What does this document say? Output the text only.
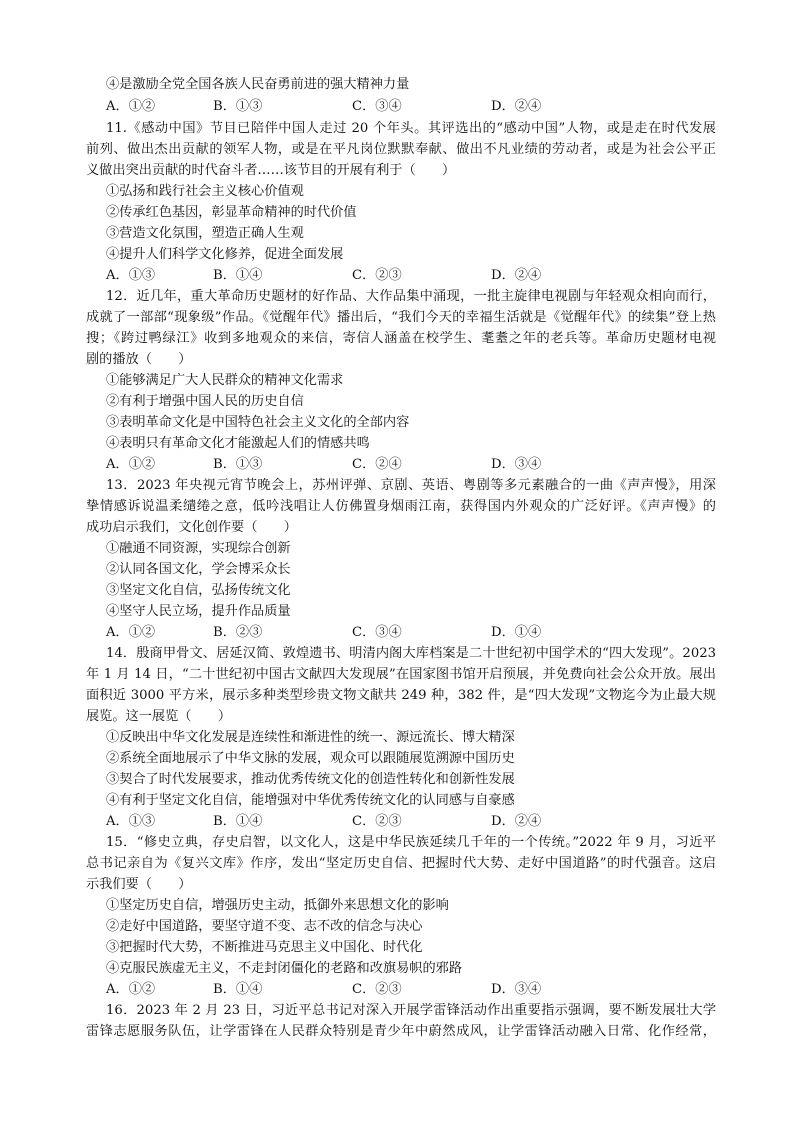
④是激励全党全国各族人民奋勇前进的强大精神力量
A．①②	B．①③	C．③④	D．②④
11.《感动中国》节目已陪伴中国人走过 20 个年头。其评选出的“感动中国”人物，或是走在时代发展
前列、做出杰出贡献的领军人物，或是在平凡岗位默默奉献、做出不凡业绩的劳动者，或是为社会公平正
义做出突出贡献的时代奋斗者……该节目的开展有利于（　　）
①弘扬和践行社会主义核心价值观
②传承红色基因，彰显革命精神的时代价值
③营造文化氛围，塑造正确人生观
④提升人们科学文化修养，促进全面发展
A．①③	B．①④	C．②③	D．②④
12．近几年，重大革命历史题材的好作品、大作品集中涌现，一批主旋律电视剧与年轻观众相向而行，
成就了一部部“现象级”作品。《觉醒年代》播出后，“我们今天的幸福生活就是《觉醒年代》的续集”登上热
搜；《跨过鸭绿江》收到多地观众的来信，寄信人涵盖在校学生、耄耋之年的老兵等。革命历史题材电视
剧的播放（　　）
①能够满足广大人民群众的精神文化需求
②有利于增强中国人民的历史自信
③表明革命文化是中国特色社会主义文化的全部内容
④表明只有革命文化才能激起人们的情感共鸣
A．①②	B．①③	C．②④	D．③④
13．2023 年央视元宵节晚会上，苏州评弹、京剧、英语、粤剧等多元素融合的一曲《声声慢》，用深
挚情感诉说温柔缱绻之意，低吟浅唱让人仿佛置身烟雨江南，获得国内外观众的广泛好评。《声声慢》的
成功启示我们，文化创作要（　　）
①融通不同资源，实现综合创新
②认同各国文化，学会博采众长
③坚定文化自信，弘扬传统文化
④坚守人民立场，提升作品质量
A．①②	B．②③	C．③④	D．①④
14．殷商甲骨文、居延汉简、敦煌遗书、明清内阁大库档案是二十世纪初中国学术的“四大发现”。2023
年 1 月 14 日，“二十世纪初中国古文献四大发现展”在国家图书馆开启预展，并免费向社会公众开放。展出
面积近 3000 平方米，展示多种类型珍贵文物文献共 249 种，382 件，是“四大发现”文物迄今为止最大规
展览。这一展览（　　）
①反映出中华文化发展是连续性和渐进性的统一、源远流长、博大精深
②系统全面地展示了中华文脉的发展，观众可以跟随展览溯源中国历史
③契合了时代发展要求，推动优秀传统文化的创造性转化和创新性发展
④有利于坚定文化自信，能增强对中华优秀传统文化的认同感与自豪感
A．①③	B．①④	C．②③	D．②④
15．“修史立典，存史启智，以文化人，这是中华民族延续几千年的一个传统。”2022 年 9 月，习近平
总书记亲自为《复兴文库》作序，发出“坚定历史自信、把握时代大势、走好中国道路”的时代强音。这启
示我们要（　　）
①坚定历史自信，增强历史主动，抵御外来思想文化的影响
②走好中国道路，要坚守道不变、志不改的信念与决心
③把握时代大势，不断推进马克思主义中国化、时代化
④克服民族虚无主义，不走封闭僵化的老路和改旗易帜的邪路
A．①②	B．①④	C．②③	D．③④
16．2023 年 2 月 23 日，习近平总书记对深入开展学雷锋活动作出重要指示强调，要不断发展壮大学
雷锋志愿服务队伍，让学雷锋在人民群众特别是青少年中蔚然成风，让学雷锋活动融入日常、化作经常，
